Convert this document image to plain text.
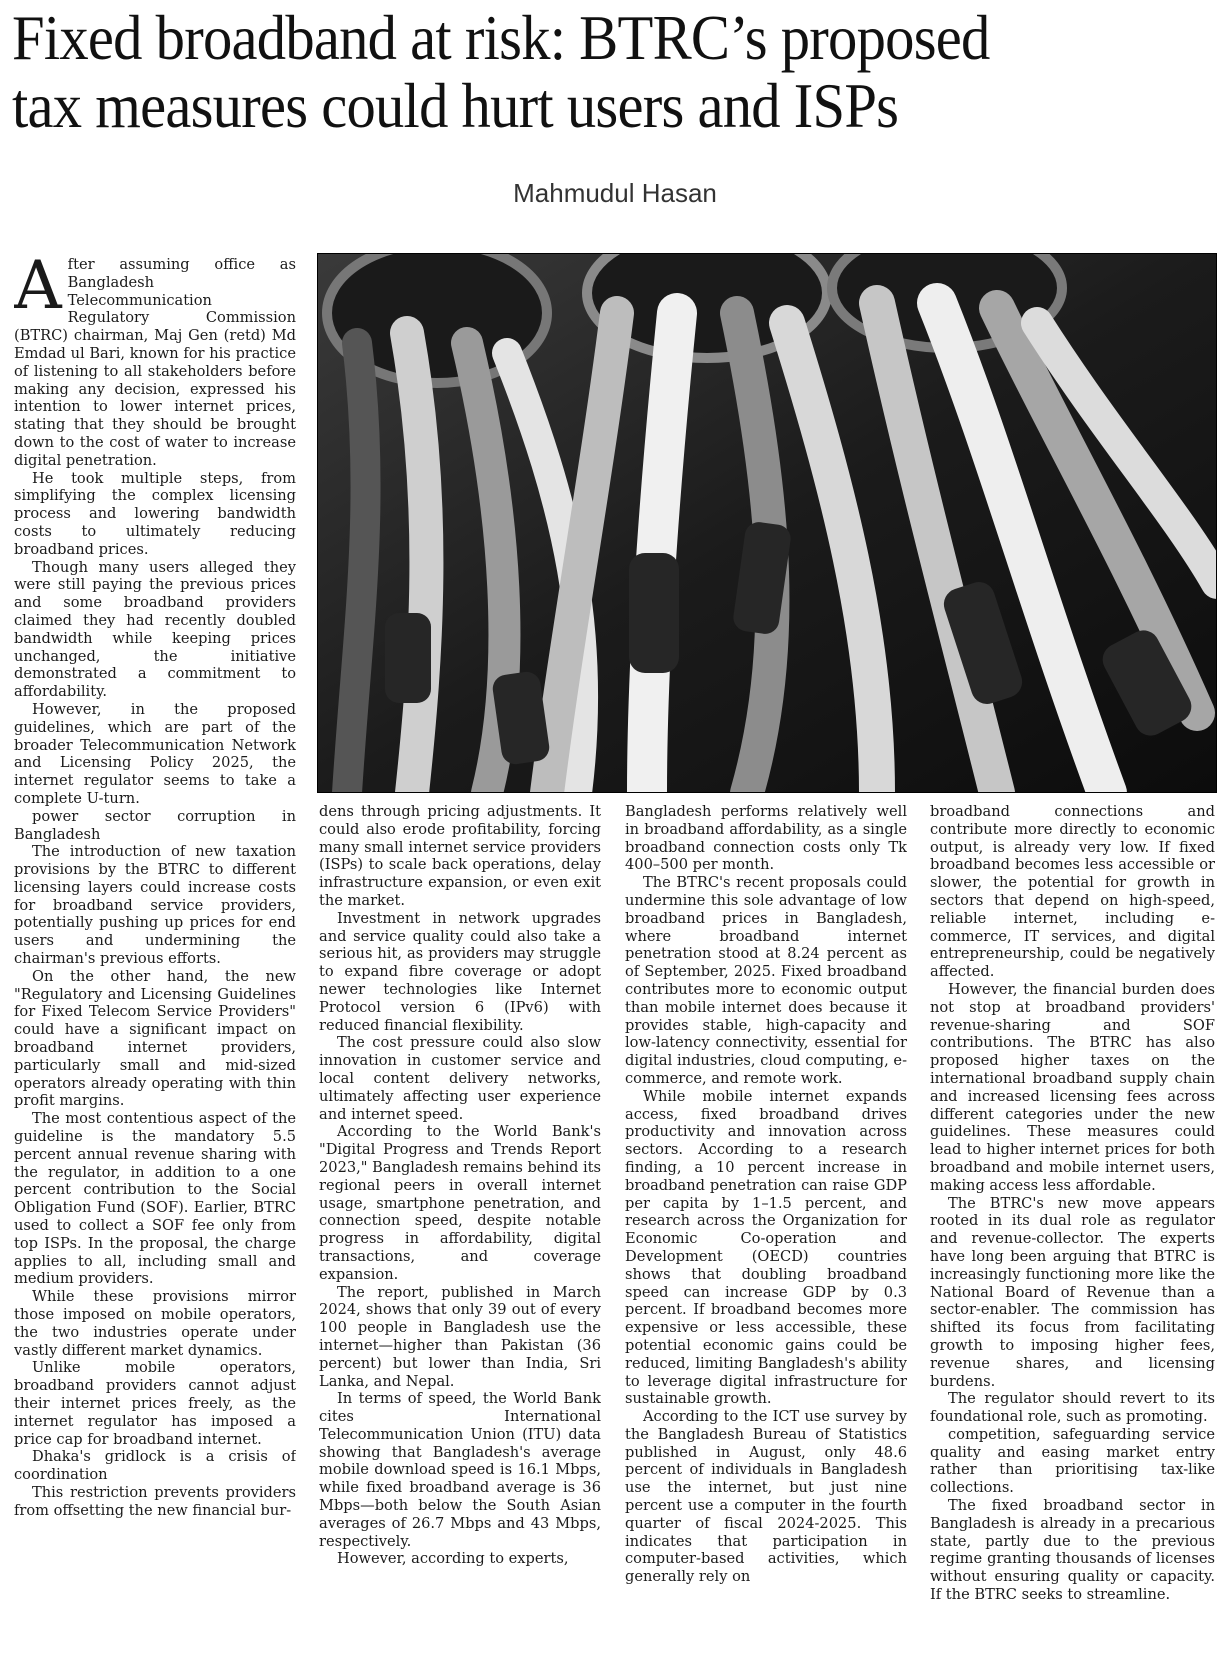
Fixed broadband at risk: BTRC’s proposed
tax measures could hurt users and ISPs

Mahmudul Hasan

After assuming office as Bangladesh Telecommunication Regulatory Commission (BTRC) chairman, Maj Gen (retd) Md Emdad ul Bari, known for his practice of listening to all stakeholders before making any decision, expressed his intention to lower internet prices, stating that they should be brought down to the cost of water to increase digital penetration.

He took multiple steps, from simplifying the complex licensing process and lowering bandwidth costs to ultimately reducing broadband prices.

Though many users alleged they were still paying the previous prices and some broadband providers claimed they had recently doubled bandwidth while keeping prices unchanged, the initiative demonstrated a commitment to affordability.

However, in the proposed guidelines, which are part of the broader Telecommunication Network and Licensing Policy 2025, the internet regulator seems to take a complete U-turn.

power sector corruption in Bangladesh

The introduction of new taxation provisions by the BTRC to different licensing layers could increase costs for broadband service providers, potentially pushing up prices for end users and undermining the chairman's previous efforts.

On the other hand, the new "Regulatory and Licensing Guidelines for Fixed Telecom Service Providers" could have a significant impact on broadband internet providers, particularly small and mid-sized operators already operating with thin profit margins.

The most contentious aspect of the guideline is the mandatory 5.5 percent annual revenue sharing with the regulator, in addition to a one percent contribution to the Social Obligation Fund (SOF). Earlier, BTRC used to collect a SOF fee only from top ISPs. In the proposal, the charge applies to all, including small and medium providers.

While these provisions mirror those imposed on mobile operators, the two industries operate under vastly different market dynamics.

Unlike mobile operators, broadband providers cannot adjust their internet prices freely, as the internet regulator has imposed a price cap for broadband internet.

Dhaka's gridlock is a crisis of coordination

This restriction prevents providers from offsetting the new financial bur-

dens through pricing adjustments. It could also erode profitability, forcing many small internet service providers (ISPs) to scale back operations, delay infrastructure expansion, or even exit the market.

Investment in network upgrades and service quality could also take a serious hit, as providers may struggle to expand fibre coverage or adopt newer technologies like Internet Protocol version 6 (IPv6) with reduced financial flexibility.

The cost pressure could also slow innovation in customer service and local content delivery networks, ultimately affecting user experience and internet speed.

According to the World Bank's "Digital Progress and Trends Report 2023," Bangladesh remains behind its regional peers in overall internet usage, smartphone penetration, and connection speed, despite notable progress in affordability, digital transactions, and coverage expansion.

The report, published in March 2024, shows that only 39 out of every 100 people in Bangladesh use the internet—higher than Pakistan (36 percent) but lower than India, Sri Lanka, and Nepal.

In terms of speed, the World Bank cites International Telecommunication Union (ITU) data showing that Bangladesh's average mobile download speed is 16.1 Mbps, while fixed broadband average is 36 Mbps—both below the South Asian averages of 26.7 Mbps and 43 Mbps, respectively.

However, according to experts,

Bangladesh performs relatively well in broadband affordability, as a single broadband connection costs only Tk 400–500 per month.

The BTRC's recent proposals could undermine this sole advantage of low broadband prices in Bangladesh, where broadband internet penetration stood at 8.24 percent as of September, 2025. Fixed broadband contributes more to economic output than mobile internet does because it provides stable, high-capacity and low-latency connectivity, essential for digital industries, cloud computing, e-commerce, and remote work.

While mobile internet expands access, fixed broadband drives productivity and innovation across sectors. According to a research finding, a 10 percent increase in broadband penetration can raise GDP per capita by 1–1.5 percent, and research across the Organization for Economic Co-operation and Development (OECD) countries shows that doubling broadband speed can increase GDP by 0.3 percent. If broadband becomes more expensive or less accessible, these potential economic gains could be reduced, limiting Bangladesh's ability to leverage digital infrastructure for sustainable growth.

According to the ICT use survey by the Bangladesh Bureau of Statistics published in August, only 48.6 percent of individuals in Bangladesh use the internet, but just nine percent use a computer in the fourth quarter of fiscal 2024-2025. This indicates that participation in computer-based activities, which generally rely on

broadband connections and contribute more directly to economic output, is already very low. If fixed broadband becomes less accessible or slower, the potential for growth in sectors that depend on high-speed, reliable internet, including e-commerce, IT services, and digital entrepreneurship, could be negatively affected.

However, the financial burden does not stop at broadband providers' revenue-sharing and SOF contributions. The BTRC has also proposed higher taxes on the international broadband supply chain and increased licensing fees across different categories under the new guidelines. These measures could lead to higher internet prices for both broadband and mobile internet users, making access less affordable.

The BTRC's new move appears rooted in its dual role as regulator and revenue-collector. The experts have long been arguing that BTRC is increasingly functioning more like the National Board of Revenue than a sector-enabler. The commission has shifted its focus from facilitating growth to imposing higher fees, revenue shares, and licensing burdens.

The regulator should revert to its foundational role, such as promoting.

competition, safeguarding service quality and easing market entry rather than prioritising tax-like collections.

The fixed broadband sector in Bangladesh is already in a precarious state, partly due to the previous regime granting thousands of licenses without ensuring quality or capacity. If the BTRC seeks to streamline.
